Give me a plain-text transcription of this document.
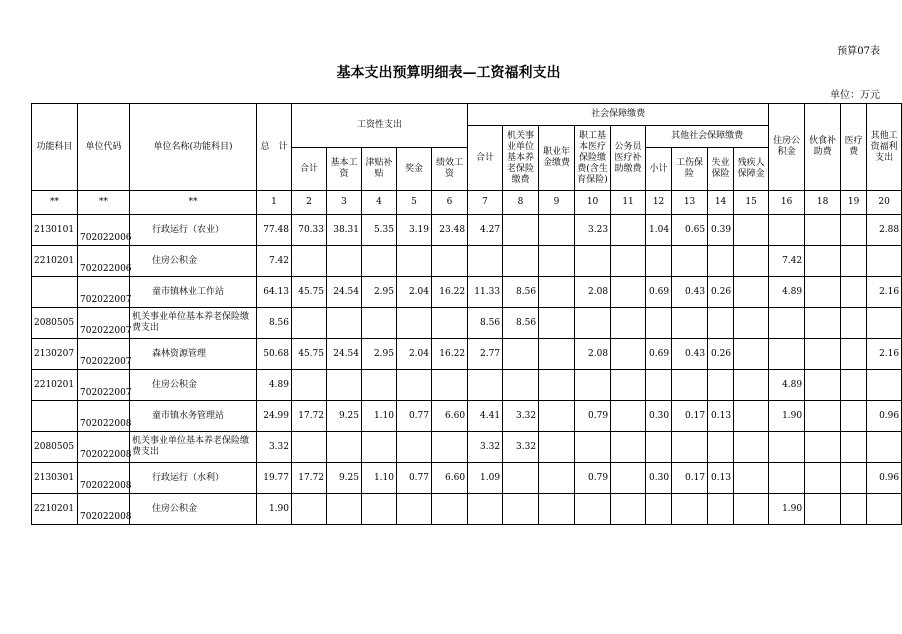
预算07表
基本支出预算明细表—工资福利支出
单位：万元
功能科目	单位代码	单位名称(功能科目)	总　计	工资性支出					社会保障缴费									住房公积金	伙食补助费	医疗费	其他工资福利支出
									合计	机关事业单位基本养老保险缴费	职业年金缴费	职工基本医疗保险缴费(含生育保险)	公务员医疗补助缴费	其他社会保障缴费							
				合计	基本工资	津贴补贴	奖金	绩效工资						小计	工伤保险	失业保险	残疾人保障金				
**	**	**	1	2	3	4	5	6	7	8	9	10	11	12	13	14	15	16	18	19	20
2130101	702022006	行政运行（农业）	77.48	70.33	38.31	5.35	3.19	23.48	4.27			3.23		1.04	0.65	0.39					2.88
2210201	702022006	住房公积金	7.42															7.42			
	702022007	童市镇林业工作站	64.13	45.75	24.54	2.95	2.04	16.22	11.33	8.56		2.08		0.69	0.43	0.26		4.89			2.16
2080505	702022007	机关事业单位基本养老保险缴费支出	8.56						8.56	8.56											
2130207	702022007	森林资源管理	50.68	45.75	24.54	2.95	2.04	16.22	2.77			2.08		0.69	0.43	0.26					2.16
2210201	702022007	住房公积金	4.89															4.89			
	702022008	童市镇水务管理站	24.99	17.72	9.25	1.10	0.77	6.60	4.41	3.32		0.79		0.30	0.17	0.13		1.90			0.96
2080505	702022008	机关事业单位基本养老保险缴费支出	3.32						3.32	3.32											
2130301	702022008	行政运行（水利）	19.77	17.72	9.25	1.10	0.77	6.60	1.09			0.79		0.30	0.17	0.13					0.96
2210201	702022008	住房公积金	1.90															1.90			
